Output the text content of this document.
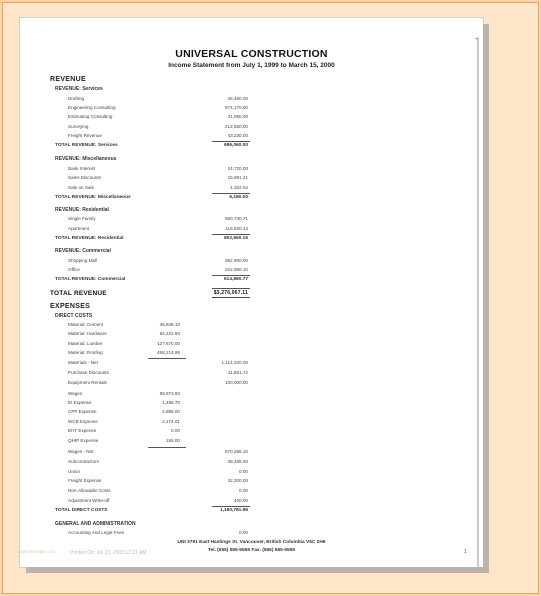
+
UNIVERSAL CONSTRUCTION
Income Statement from July 1, 1999 to March 15, 2000
REVENUE
REVENUE: Services
Drafting	45,460.00
Engineering Consulting	874,170.00
Estimating Consulting	41,060.00
Surveying	212,550.00
Freight Revenue	43,230.00
TOTAL REVENUE: Services	686,060.00
REVENUE: Miscellaneous
Bank Interest	24,720.00
Sales Discounts	15,991.21
Sale on Sale	1,322.04
TOTAL REVENUE: Miscellaneous	6,180.00
REVENUE: Residential
Single Family	560,730.71
Apartment	116,620.44
TOTAL REVENUE: Residential	802,650.15
REVENUE: Commercial
Shopping Mall	362,900.00
Office	222,960.10
TOTAL REVENUE: Commercial	614,860.77
TOTAL REVENUE	$3,276,067.11
EXPENSES
DIRECT COSTS
Material: Cement	45,848.10
Material: Hardware	94,222.90
Material: Lumber	127,670.00
Material: Roofing	488,214.99
Materials - Net	1,114,320.00
Purchase Discounts	11,661.72
Equipment Rentals	100,000.00
Wages	89,873.80
EI Expense	1,486.70
CPP Expense	2,888.00
WCB Expense	2,174.01
EHT Expense	0.00
QHIP Expense	155.00
Wages - Net	870,258.10
Subcontractors	38,458.00
Union	0.00
Freight Expense	42,200.00
Non-Allowable Costs	0.00
Adjustment Write-off	400.00
TOTAL DIRECT COSTS	1,190,781.96
GENERAL AND ADMINISTRATION
Accounting And Legal Fees	0.00
UNI 3791 East Hastings St. Vancouver, British Columbia V5C 2H6
Tel. (555) 555-5555 Fax. (555) 555-5555
Printed On: Jul 23, 2003 12:21 AM	1
www.example.com
